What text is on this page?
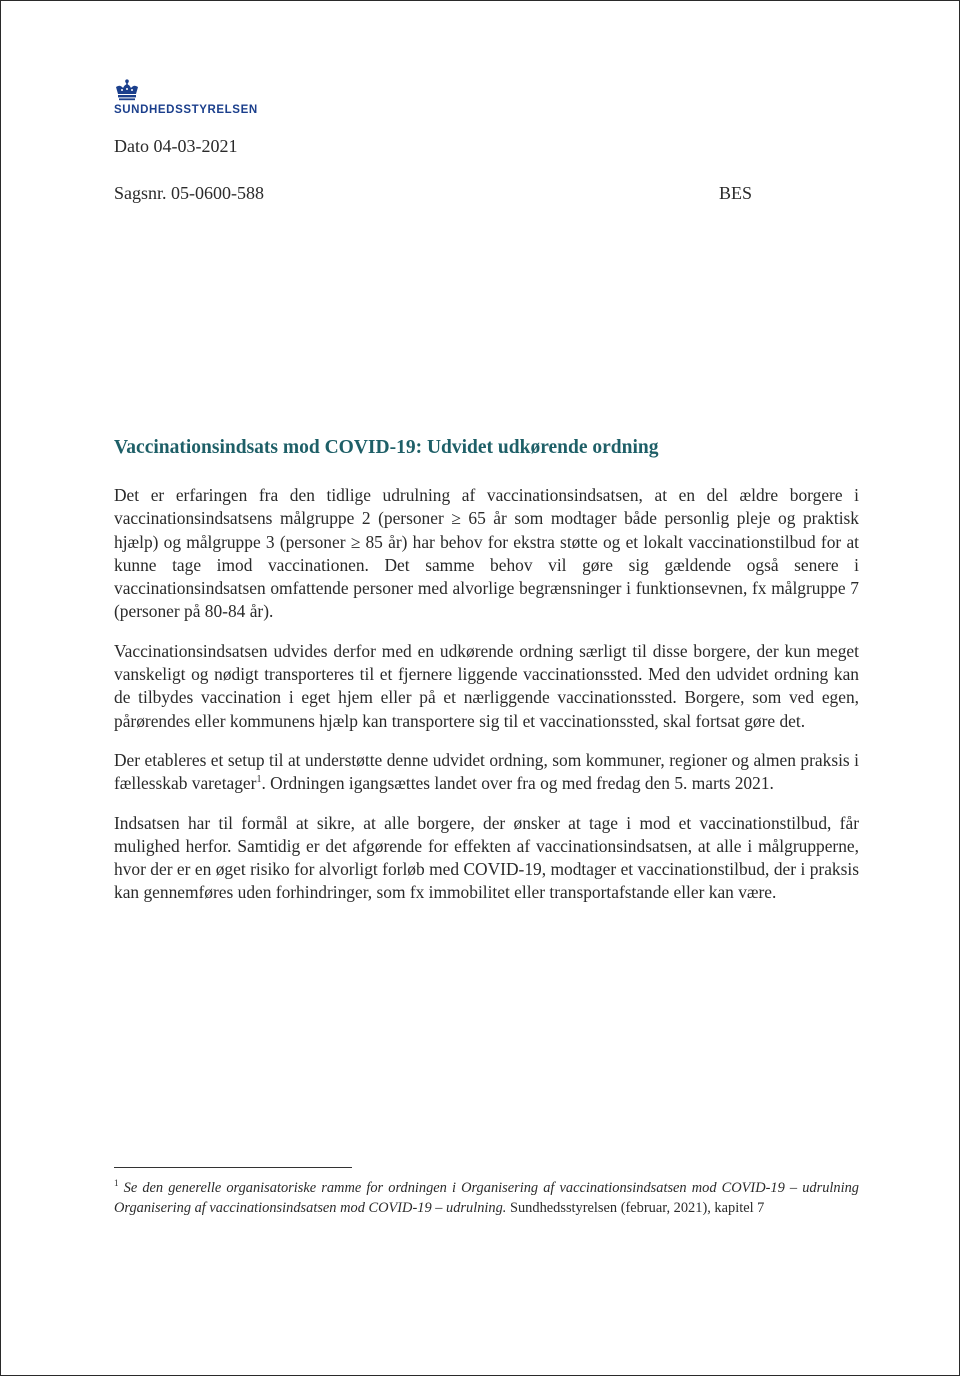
SUNDHEDSSTYRELSEN
Dato 04-03-2021
Sagsnr. 05-0600-588	BES
Vaccinationsindsats mod COVID-19: Udvidet udkørende ordning

Det er erfaringen fra den tidlige udrulning af vaccinationsindsatsen, at en del ældre borgere i vaccinationsindsatsens målgruppe 2 (personer ≥ 65 år som modtager både personlig pleje og praktisk hjælp) og målgruppe 3 (personer ≥ 85 år) har behov for ekstra støtte og et lokalt vaccinationstilbud for at kunne tage imod vaccinationen. Det samme behov vil gøre sig gældende også senere i vaccinationsindsatsen omfattende personer med alvorlige begrænsninger i funktionsevnen, fx målgruppe 7 (personer på 80-84 år).

Vaccinationsindsatsen udvides derfor med en udkørende ordning særligt til disse borgere, der kun meget vanskeligt og nødigt transporteres til et fjernere liggende vaccinationssted. Med den udvidet ordning kan de tilbydes vaccination i eget hjem eller på et nærliggende vaccinationssted. Borgere, som ved egen, pårørendes eller kommunens hjælp kan transportere sig til et vaccinationssted, skal fortsat gøre det.

Der etableres et setup til at understøtte denne udvidet ordning, som kommuner, regioner og almen praksis i fællesskab varetager$^1$. Ordningen igangsættes landet over fra og med fredag den 5. marts 2021.

Indsatsen har til formål at sikre, at alle borgere, der ønsker at tage i mod et vaccinationstilbud, får mulighed herfor. Samtidig er det afgørende for effekten af vaccinationsindsatsen, at alle i målgrupperne, hvor der er en øget risiko for alvorligt forløb med COVID-19, modtager et vaccinationstilbud, der i praksis kan gennemføres uden forhindringer, som fx immobilitet eller transportafstande eller kan være.

$^1$ Se den generelle organisatoriske ramme for ordningen i Organisering af vaccinationsindsatsen mod COVID-19 – udrulning Organisering af vaccinationsindsatsen mod COVID-19 – udrulning. Sundhedsstyrelsen (februar, 2021), kapitel 7
